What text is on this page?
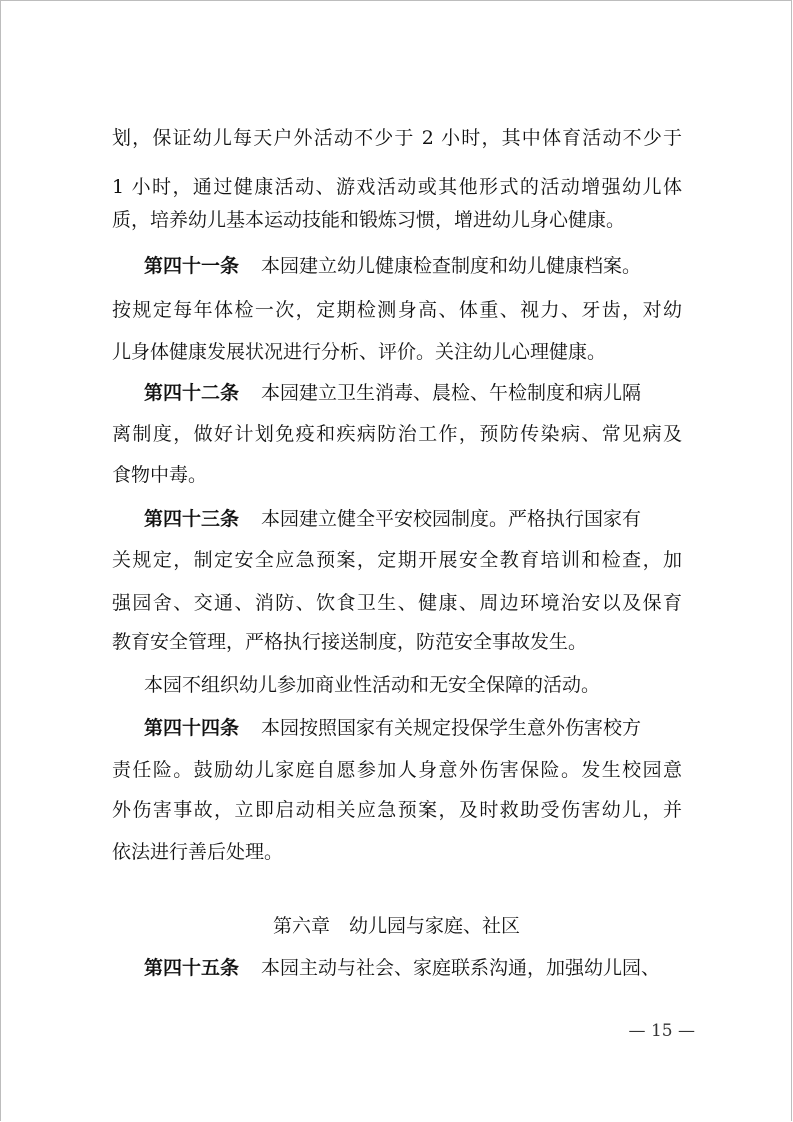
划，保证幼儿每天户外活动不少于 2 小时，其中体育活动不少于
1 小时，通过健康活动、游戏活动或其他形式的活动增强幼儿体
质，培养幼儿基本运动技能和锻炼习惯，增进幼儿身心健康。
第四十一条 本园建立幼儿健康检查制度和幼儿健康档案。
按规定每年体检一次，定期检测身高、体重、视力、牙齿，对幼
儿身体健康发展状况进行分析、评价。关注幼儿心理健康。
第四十二条 本园建立卫生消毒、晨检、午检制度和病儿隔
离制度，做好计划免疫和疾病防治工作，预防传染病、常见病及
食物中毒。
第四十三条 本园建立健全平安校园制度。严格执行国家有
关规定，制定安全应急预案，定期开展安全教育培训和检查，加
强园舍、交通、消防、饮食卫生、健康、周边环境治安以及保育
教育安全管理，严格执行接送制度，防范安全事故发生。
本园不组织幼儿参加商业性活动和无安全保障的活动。
第四十四条 本园按照国家有关规定投保学生意外伤害校方
责任险。鼓励幼儿家庭自愿参加人身意外伤害保险。发生校园意
外伤害事故，立即启动相关应急预案，及时救助受伤害幼儿，并
依法进行善后处理。
第六章　幼儿园与家庭、社区
第四十五条 本园主动与社会、家庭联系沟通，加强幼儿园、
— 15 —
